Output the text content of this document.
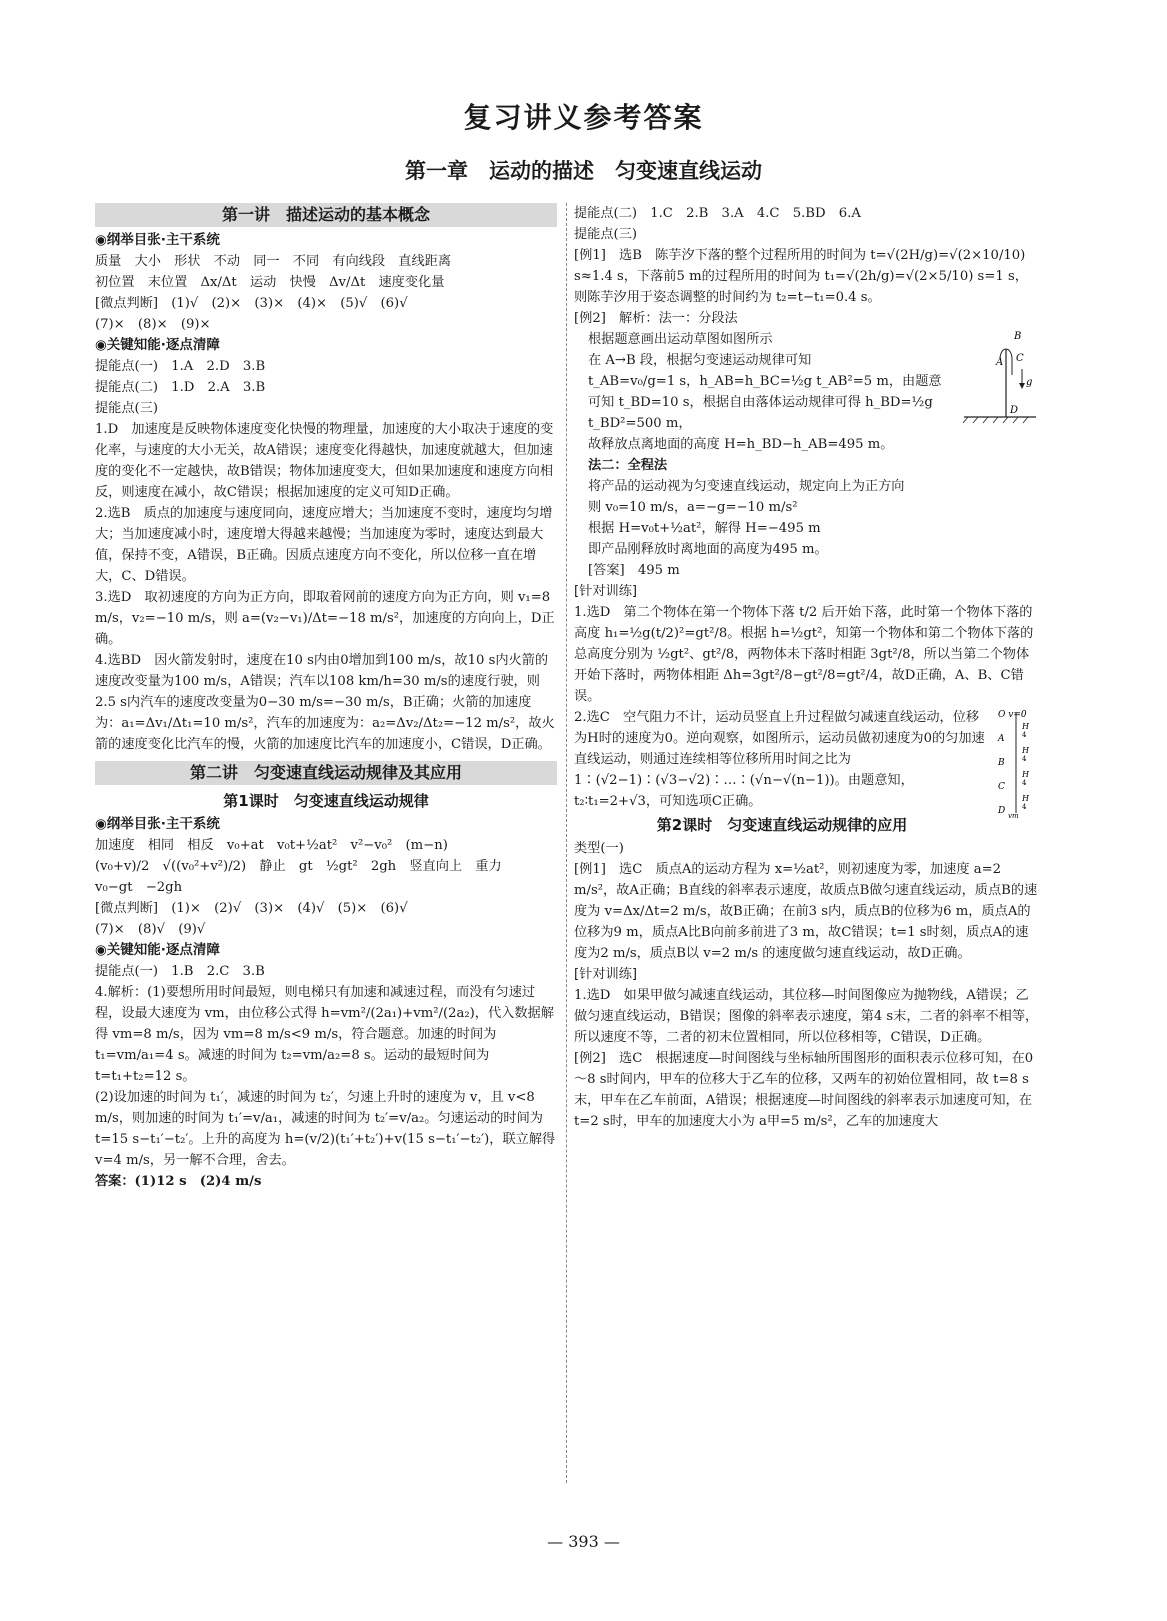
复习讲义参考答案
第一章　运动的描述　匀变速直线运动
第一讲　描述运动的基本概念
◉纲举目张·主干系统

质量　大小　形状　不动　同一　不同　有向线段　直线距离

初位置　末位置　Δx/Δt　运动　快慢　Δv/Δt　速度变化量

[微点判断]　(1)√　(2)×　(3)×　(4)×　(5)√　(6)√

(7)×　(8)×　(9)×

◉关键知能·逐点清障

提能点(一)　1.A　2.D　3.B

提能点(二)　1.D　2.A　3.B

提能点(三)

1.D　加速度是反映物体速度变化快慢的物理量，加速度的大小取决于速度的变化率，与速度的大小无关，故A错误；速度变化得越快，加速度就越大，但加速度的变化不一定越快，故B错误；物体加速度变大，但如果加速度和速度方向相反，则速度在减小，故C错误；根据加速度的定义可知D正确。

2.选B　质点的加速度与速度同向，速度应增大；当加速度不变时，速度均匀增大；当加速度减小时，速度增大得越来越慢；当加速度为零时，速度达到最大值，保持不变，A错误，B正确。因质点速度方向不变化，所以位移一直在增大，C、D错误。

3.选D　取初速度的方向为正方向，即取着网前的速度方向为正方向，则 v₁=8 m/s，v₂=−10 m/s，则 a=(v₂−v₁)/Δt=−18 m/s²，加速度的方向向上，D正确。

4.选BD　因火箭发射时，速度在10 s内由0增加到100 m/s，故10 s内火箭的速度改变量为100 m/s，A错误；汽车以108 km/h=30 m/s的速度行驶，则2.5 s内汽车的速度改变量为0−30 m/s=−30 m/s，B正确；火箭的加速度为：a₁=Δv₁/Δt₁=10 m/s²，汽车的加速度为：a₂=Δv₂/Δt₂=−12 m/s²，故火箭的速度变化比汽车的慢，火箭的加速度比汽车的加速度小，C错误，D正确。

第二讲　匀变速直线运动规律及其应用
第1课时　匀变速直线运动规律
◉纲举目张·主干系统

加速度　相同　相反　v₀+at　v₀t+½at²　v²−v₀²　(m−n)

(v₀+v)/2　√((v₀²+v²)/2)　静止　gt　½gt²　2gh　竖直向上　重力

v₀−gt　−2gh

[微点判断]　(1)×　(2)√　(3)×　(4)√　(5)×　(6)√

(7)×　(8)√　(9)√

◉关键知能·逐点清障

提能点(一)　1.B　2.C　3.B

4.解析：(1)要想所用时间最短，则电梯只有加速和减速过程，而没有匀速过程，设最大速度为 vm，由位移公式得 h=vm²/(2a₁)+vm²/(2a₂)，代入数据解得 vm=8 m/s，因为 vm=8 m/s<9 m/s，符合题意。加速的时间为 t₁=vm/a₁=4 s。减速的时间为 t₂=vm/a₂=8 s。运动的最短时间为 t=t₁+t₂=12 s。

(2)设加速的时间为 t₁′，减速的时间为 t₂′，匀速上升时的速度为 v，且 v<8 m/s，则加速的时间为 t₁′=v/a₁，减速的时间为 t₂′=v/a₂。匀速运动的时间为 t=15 s−t₁′−t₂′。上升的高度为 h=(v/2)(t₁′+t₂′)+v(15 s−t₁′−t₂′)，联立解得 v=4 m/s，另一解不合理，舍去。

答案：(1)12 s　(2)4 m/s

提能点(二)　1.C　2.B　3.A　4.C　5.BD　6.A

提能点(三)

[例1]　选B　陈芋汐下落的整个过程所用的时间为 t=√(2H/g)=√(2×10/10) s≈1.4 s，下落前5 m的过程所用的时间为 t₁=√(2h/g)=√(2×5/10) s=1 s，则陈芋汐用于姿态调整的时间约为 t₂=t−t₁=0.4 s。

[例2]　解析：法一：分段法

B
C
A
g
D

根据题意画出运动草图如图所示

在 A→B 段，根据匀变速运动规律可知

t_AB=v₀/g=1 s，h_AB=h_BC=½g t_AB²=5 m，由题意可知 t_BD=10 s，根据自由落体运动规律可得 h_BD=½g t_BD²=500 m，

故释放点离地面的高度 H=h_BD−h_AB=495 m。

法二：全程法

将产品的运动视为匀变速直线运动，规定向上为正方向

则 v₀=10 m/s，a=−g=−10 m/s²

根据 H=v₀t+½at²，解得 H=−495 m

即产品刚释放时离地面的高度为495 m。

[答案]　495 m

[针对训练]

1.选D　第二个物体在第一个物体下落 t/2 后开始下落，此时第一个物体下落的高度 h₁=½g(t/2)²=gt²/8。根据 h=½gt²，知第一个物体和第二个物体下落的总高度分别为 ½gt²、gt²/8，两物体未下落时相距 3gt²/8，所以当第二个物体开始下落时，两物体相距 Δh=3gt²/8−gt²/8=gt²/4，故D正确，A、B、C错误。

O v=0
A
B
C
D
H
H
H
H
4
4
4
4
vm

2.选C　空气阻力不计，运动员竖直上升过程做匀减速直线运动，位移为H时的速度为0。逆向观察，如图所示，运动员做初速度为0的匀加速直线运动，则通过连续相等位移所用时间之比为 1∶(√2−1)∶(√3−√2)∶…∶(√n−√(n−1))。由题意知，t₂∶t₁=2+√3，可知选项C正确。

第2课时　匀变速直线运动规律的应用

类型(一)

[例1]　选C　质点A的运动方程为 x=½at²，则初速度为零，加速度 a=2 m/s²，故A正确；B直线的斜率表示速度，故质点B做匀速直线运动，质点B的速度为 v=Δx/Δt=2 m/s，故B正确；在前3 s内，质点B的位移为6 m，质点A的位移为9 m，质点A比B向前多前进了3 m，故C错误；t=1 s时刻，质点A的速度为2 m/s，质点B以 v=2 m/s 的速度做匀速直线运动，故D正确。

[针对训练]

1.选D　如果甲做匀减速直线运动，其位移—时间图像应为抛物线，A错误；乙做匀速直线运动，B错误；图像的斜率表示速度，第4 s末，二者的斜率不相等，所以速度不等，二者的初末位置相同，所以位移相等，C错误，D正确。

[例2]　选C　根据速度—时间图线与坐标轴所围图形的面积表示位移可知，在0～8 s时间内，甲车的位移大于乙车的位移，又两车的初始位置相同，故 t=8 s末，甲车在乙车前面，A错误；根据速度—时间图线的斜率表示加速度可知，在 t=2 s时，甲车的加速度大小为 a甲=5 m/s²，乙车的加速度大

— 393 —
